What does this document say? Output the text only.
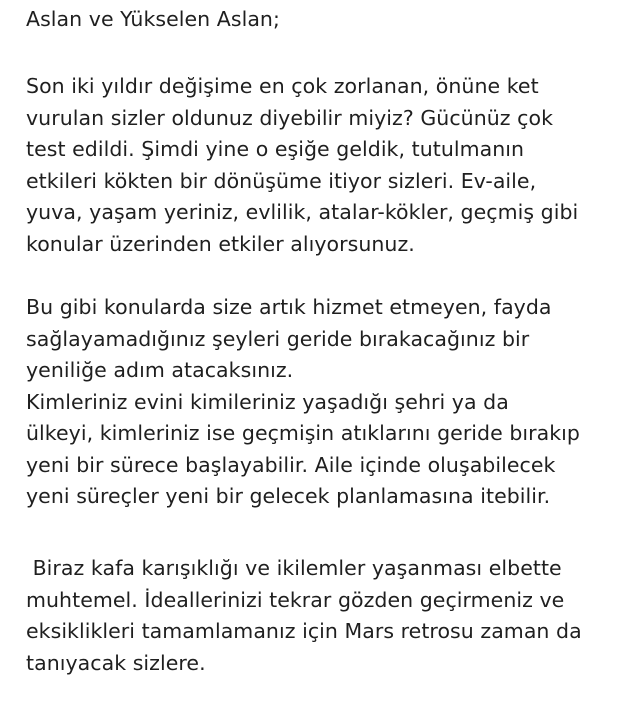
Aslan ve Yükselen Aslan;
Son iki yıldır değişime en çok zorlanan, önüne ket
vurulan sizler oldunuz diyebilir miyiz? Gücünüz çok
test edildi. Şimdi yine o eşiğe geldik, tutulmanın
etkileri kökten bir dönüşüme itiyor sizleri. Ev-aile,
yuva, yaşam yeriniz, evlilik, atalar-kökler, geçmiş gibi
konular üzerinden etkiler alıyorsunuz.
Bu gibi konularda size artık hizmet etmeyen, fayda
sağlayamadığınız şeyleri geride bırakacağınız bir
yeniliğe adım atacaksınız.
Kimleriniz evini kimileriniz yaşadığı şehri ya da
ülkeyi, kimleriniz ise geçmişin atıklarını geride bırakıp
yeni bir sürece başlayabilir. Aile içinde oluşabilecek
yeni süreçler yeni bir gelecek planlamasına itebilir.
Biraz kafa karışıklığı ve ikilemler yaşanması elbette
muhtemel. İdeallerinizi tekrar gözden geçirmeniz ve
eksiklikleri tamamlamanız için Mars retrosu zaman da
tanıyacak sizlere.
